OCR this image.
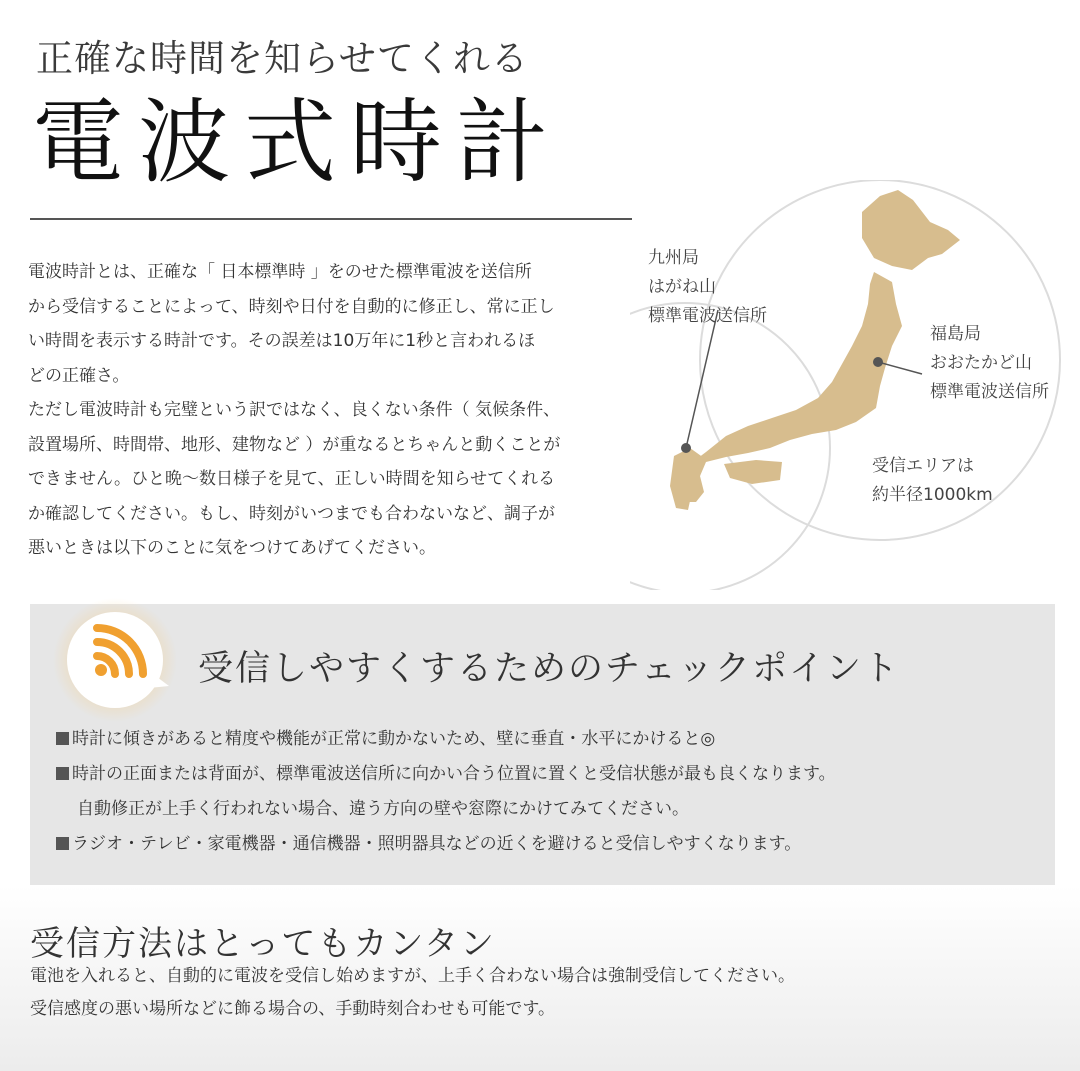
正確な時間を知らせてくれる
電波式時計

電波時計とは、正確な「 日本標準時 」をのせた標準電波を送信所

から受信することによって、時刻や日付を自動的に修正し、常に正し

い時間を表示する時計です。その誤差は10万年に1秒と言われるほ

どの正確さ。

ただし電波時計も完璧という訳ではなく、良くない条件（ 気候条件、

設置場所、時間帯、地形、建物など ）が重なるとちゃんと動くことが

できません。ひと晩～数日様子を見て、正しい時間を知らせてくれる

か確認してください。もし、時刻がいつまでも合わないなど、調子が

悪いときは以下のことに気をつけてあげてください。

九州局
はがね山
標準電波送信所
福島局
おおたかど山
標準電波送信所
受信エリアは
約半径1000km
受信しやすくするためのチェックポイント
時計に傾きがあると精度や機能が正常に動かないため、壁に垂直・水平にかけると◎
時計の正面または背面が、標準電波送信所に向かい合う位置に置くと受信状態が最も良くなります。
自動修正が上手く行われない場合、違う方向の壁や窓際にかけてみてください。
ラジオ・テレビ・家電機器・通信機器・照明器具などの近くを避けると受信しやすくなります。
受信方法はとってもカンタン

電池を入れると、自動的に電波を受信し始めますが、上手く合わない場合は強制受信してください。

受信感度の悪い場所などに飾る場合の、手動時刻合わせも可能です。
